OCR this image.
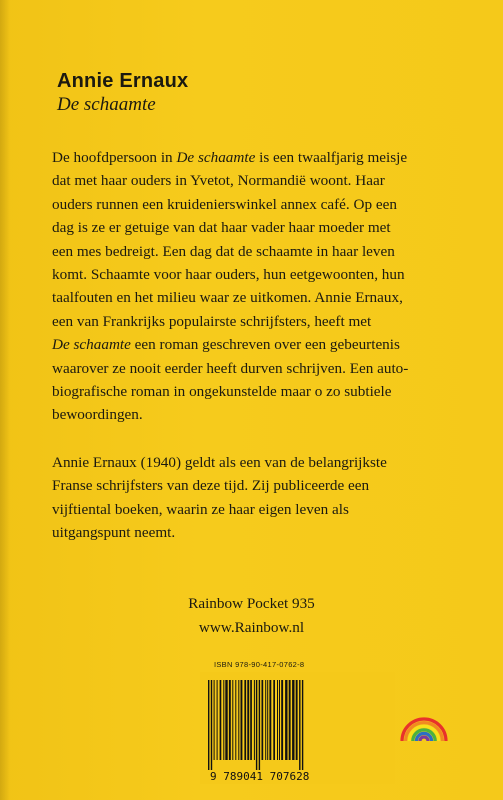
Annie Ernaux
De schaamte

De hoofdpersoon in De schaamte is een twaalfjarig meisje
dat met haar ouders in Yvetot, Normandië woont. Haar
ouders runnen een kruidenierswinkel annex café. Op een
dag is ze er getuige van dat haar vader haar moeder met
een mes bedreigt. Een dag dat de schaamte in haar leven
komt. Schaamte voor haar ouders, hun eetgewoonten, hun
taalfouten en het milieu waar ze uitkomen. Annie Ernaux,
een van Frankrijks populairste schrijfsters, heeft met
De schaamte een roman geschreven over een gebeurtenis
waarover ze nooit eerder heeft durven schrijven. Een auto-
biografische roman in ongekunstelde maar o zo subtiele
bewoordingen.

Annie Ernaux (1940) geldt als een van de belangrijkste
Franse schrijfsters van deze tijd. Zij publiceerde een
vijftiental boeken, waarin ze haar eigen leven als
uitgangspunt neemt.

Rainbow Pocket 935
www.Rainbow.nl
ISBN 978-90-417-0762-8
9 789041 707628
